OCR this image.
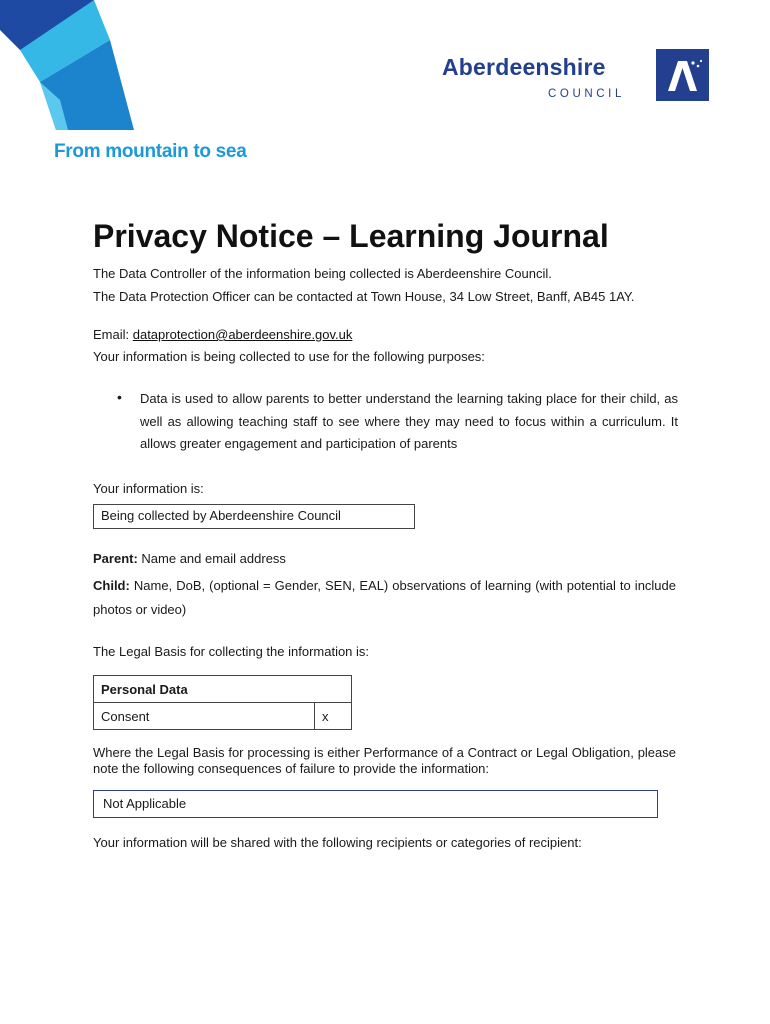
From mountain to sea
Aberdeenshire
COUNCIL
Privacy Notice – Learning Journal
The Data Controller of the information being collected is Aberdeenshire Council.
The Data Protection Officer can be contacted at Town House, 34 Low Street, Banff, AB45 1AY.
Email: dataprotection@aberdeenshire.gov.uk
Your information is being collected to use for the following purposes:
• Data is used to allow parents to better understand the learning taking place for their child, as well as allowing teaching staff to see where they may need to focus within a curriculum. It allows greater engagement and participation of parents
Your information is:
Being collected by Aberdeenshire Council
Parent: Name and email address
Child: Name, DoB, (optional = Gender, SEN, EAL) observations of learning (with potential to include photos or video)
The Legal Basis for collecting the information is:
Personal Data
Consent	x
Where the Legal Basis for processing is either Performance of a Contract or Legal Obligation, please note the following consequences of failure to provide the information:
Not Applicable
Your information will be shared with the following recipients or categories of recipient:
